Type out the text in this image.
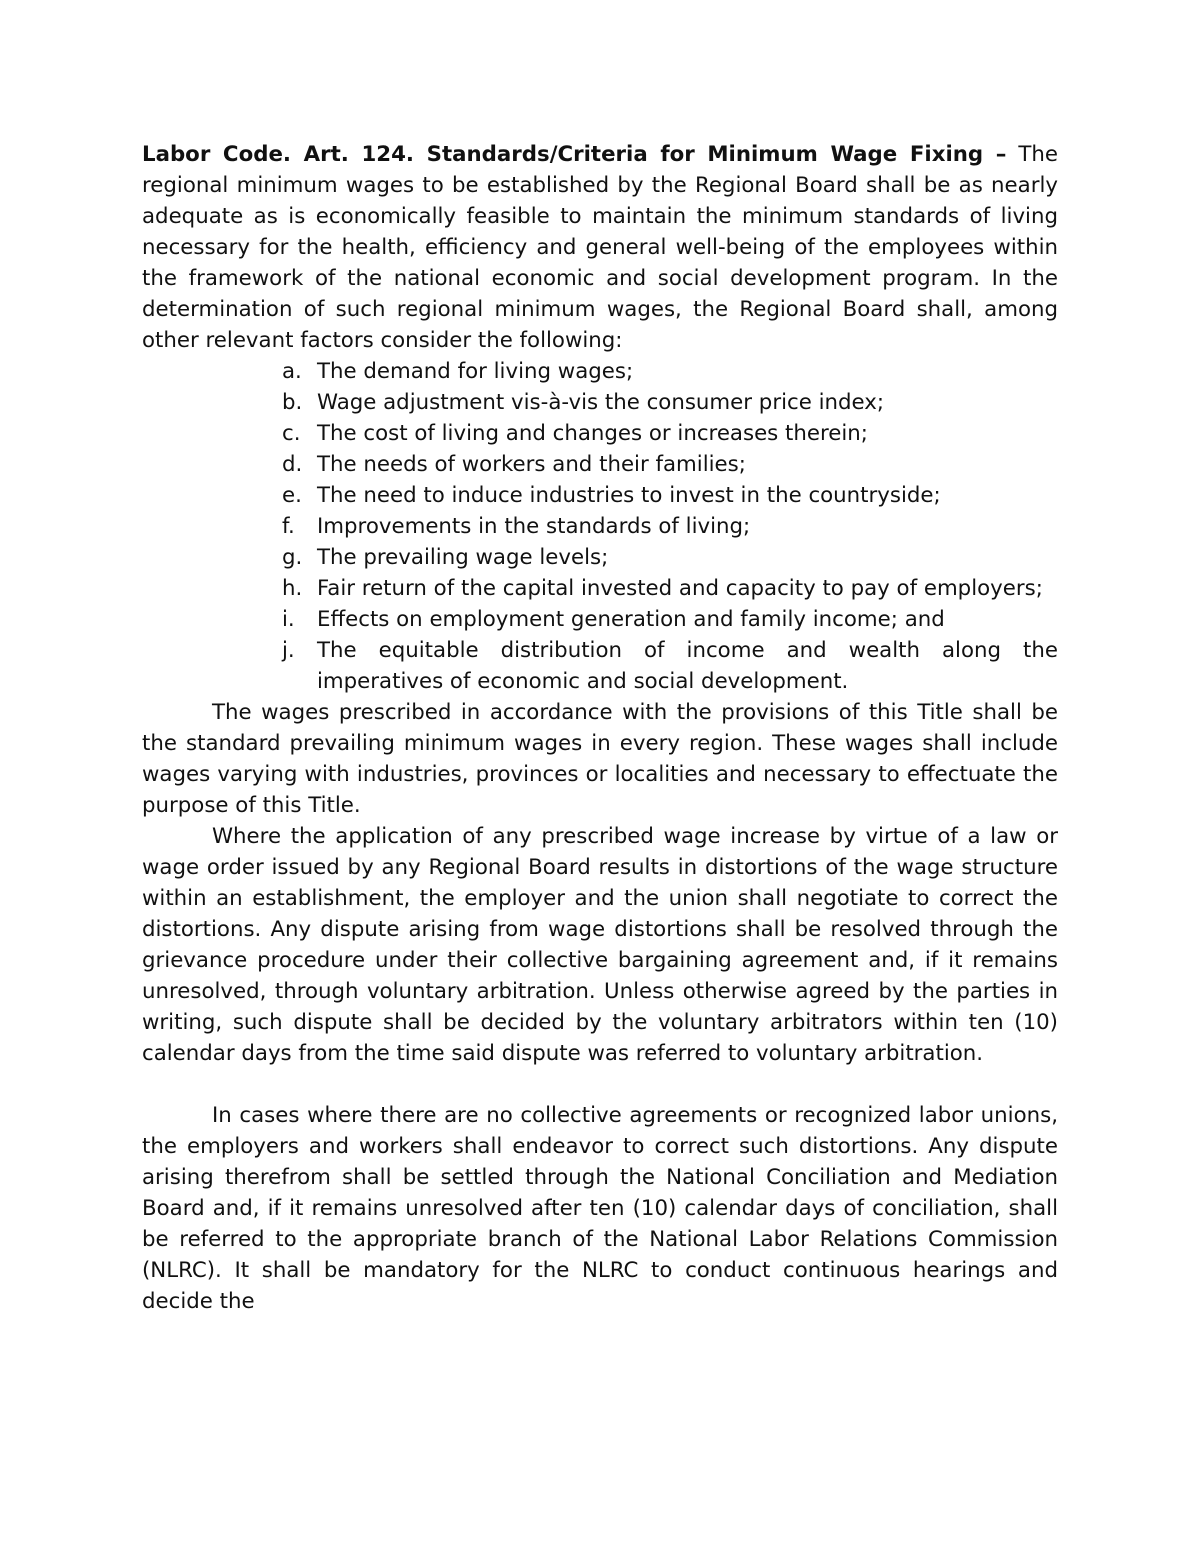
Labor Code. Art. 124. Standards/Criteria for Minimum Wage Fixing – The regional minimum wages to be established by the Regional Board shall be as nearly adequate as is economically feasible to maintain the minimum standards of living necessary for the health, efficiency and general well-being of the employees within the framework of the national economic and social development program. In the determination of such regional minimum wages, the Regional Board shall, among other relevant factors consider the following:

a. The demand for living wages;
b. Wage adjustment vis-à-vis the consumer price index;
c. The cost of living and changes or increases therein;
d. The needs of workers and their families;
e. The need to induce industries to invest in the countryside;
f.	Improvements in the standards of living;
g. The prevailing wage levels;
h. Fair return of the capital invested and capacity to pay of employers;
i.	Effects on employment generation and family income; and
j.	The equitable distribution of income and wealth along the imperatives of economic and social development.

The wages prescribed in accordance with the provisions of this Title shall be the standard prevailing minimum wages in every region. These wages shall include wages varying with industries, provinces or localities and necessary to effectuate the purpose of this Title.

Where the application of any prescribed wage increase by virtue of a law or wage order issued by any Regional Board results in distortions of the wage structure within an establishment, the employer and the union shall negotiate to correct the distortions. Any dispute arising from wage distortions shall be resolved through the grievance procedure under their collective bargaining agreement and, if it remains unresolved, through voluntary arbitration. Unless otherwise agreed by the parties in writing, such dispute shall be decided by the voluntary arbitrators within ten (10) calendar days from the time said dispute was referred to voluntary arbitration.

In cases where there are no collective agreements or recognized labor unions, the employers and workers shall endeavor to correct such distortions. Any dispute arising therefrom shall be settled through the National Conciliation and Mediation Board and, if it remains unresolved after ten (10) calendar days of conciliation, shall be referred to the appropriate branch of the National Labor Relations Commission (NLRC). It shall be mandatory for the NLRC to conduct continuous hearings and decide the
